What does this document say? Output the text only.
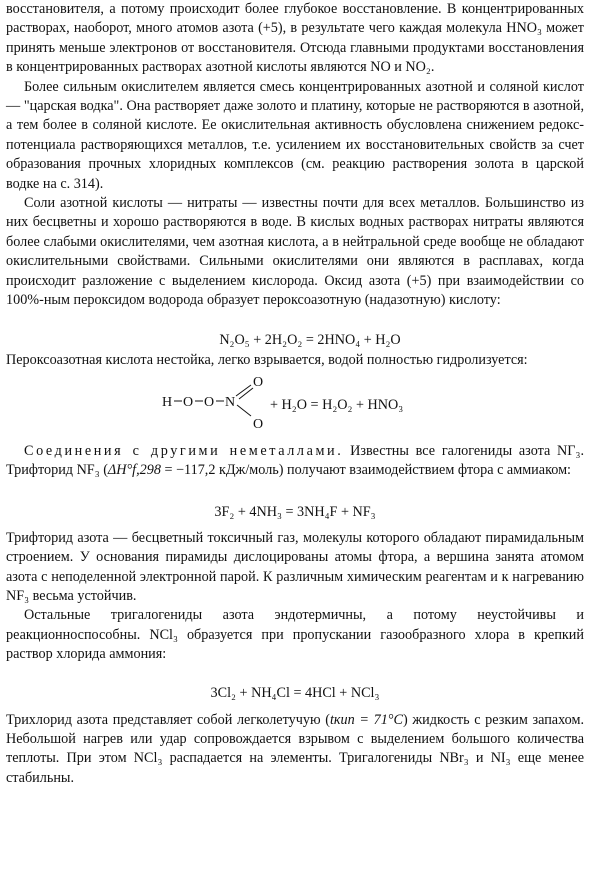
восстановителя, а потому происходит более глубокое восстановление. В концентрированных растворах, наоборот, много атомов азота (+5), в результате чего каждая молекула HNO₃ может принять меньше электронов от восстановителя. Отсюда главными продуктами восстановления в концентрированных растворах азотной кислоты являются NO и NO₂.

Более сильным окислителем является смесь концентрированных азотной и соляной кислот — "царская водка". Она растворяет даже золото и платину, которые не растворяются в азотной, а тем более в соляной кислоте. Ее окислительная активность обусловлена снижением редокс-потенциала растворяющихся металлов, т.е. усилением их восстановительных свойств за счет образования прочных хлоридных комплексов (см. реакцию растворения золота в царской водке на с. 314).

Соли азотной кислоты — нитраты — известны почти для всех металлов. Большинство из них бесцветны и хорошо растворяются в воде. В кислых водных растворах нитраты являются более слабыми окислителями, чем азотная кислота, а в нейтральной среде вообще не обладают окислительными свойствами. Сильными окислителями они являются в расплавах, когда происходит разложение с выделением кислорода. Оксид азота (+5) при взаимодействии со 100%-ным пероксидом водорода образует пероксоазотную (надазотную) кислоту:

N₂O₅ + 2H₂O₂ = 2HNO₄ + H₂O

Пероксоазотная кислота нестойка, легко взрывается, водой полностью гидролизуется:

H O O N
O
O
+ H₂O = H₂O₂ + HNO₃

Соединения с другими неметаллами. Известны все галогениды азота NГ₃. Трифторид NF₃ (ΔH°f,298 = −117,2 кДж/моль) получают взаимодействием фтора с аммиаком:

3F₂ + 4NH₃ = 3NH₄F + NF₃

Трифторид азота — бесцветный токсичный газ, молекулы которого обладают пирамидальным строением. У основания пирамиды дислоцированы атомы фтора, а вершина занята атомом азота с неподеленной электронной парой. К различным химическим реагентам и к нагреванию NF₃ весьма устойчив.

Остальные тригалогениды азота эндотермичны, а потому неустойчивы и реакционноспособны. NCl₃ образуется при пропускании газообразного хлора в крепкий раствор хлорида аммония:

3Cl₂ + NH₄Cl = 4HCl + NCl₃

Трихлорид азота представляет собой легколетучую (tкип = 71°C) жидкость с резким запахом. Небольшой нагрев или удар сопровождается взрывом с выделением большого количества теплоты. При этом NCl₃ распадается на элементы. Тригалогениды NBr₃ и NI₃ еще менее стабильны.
